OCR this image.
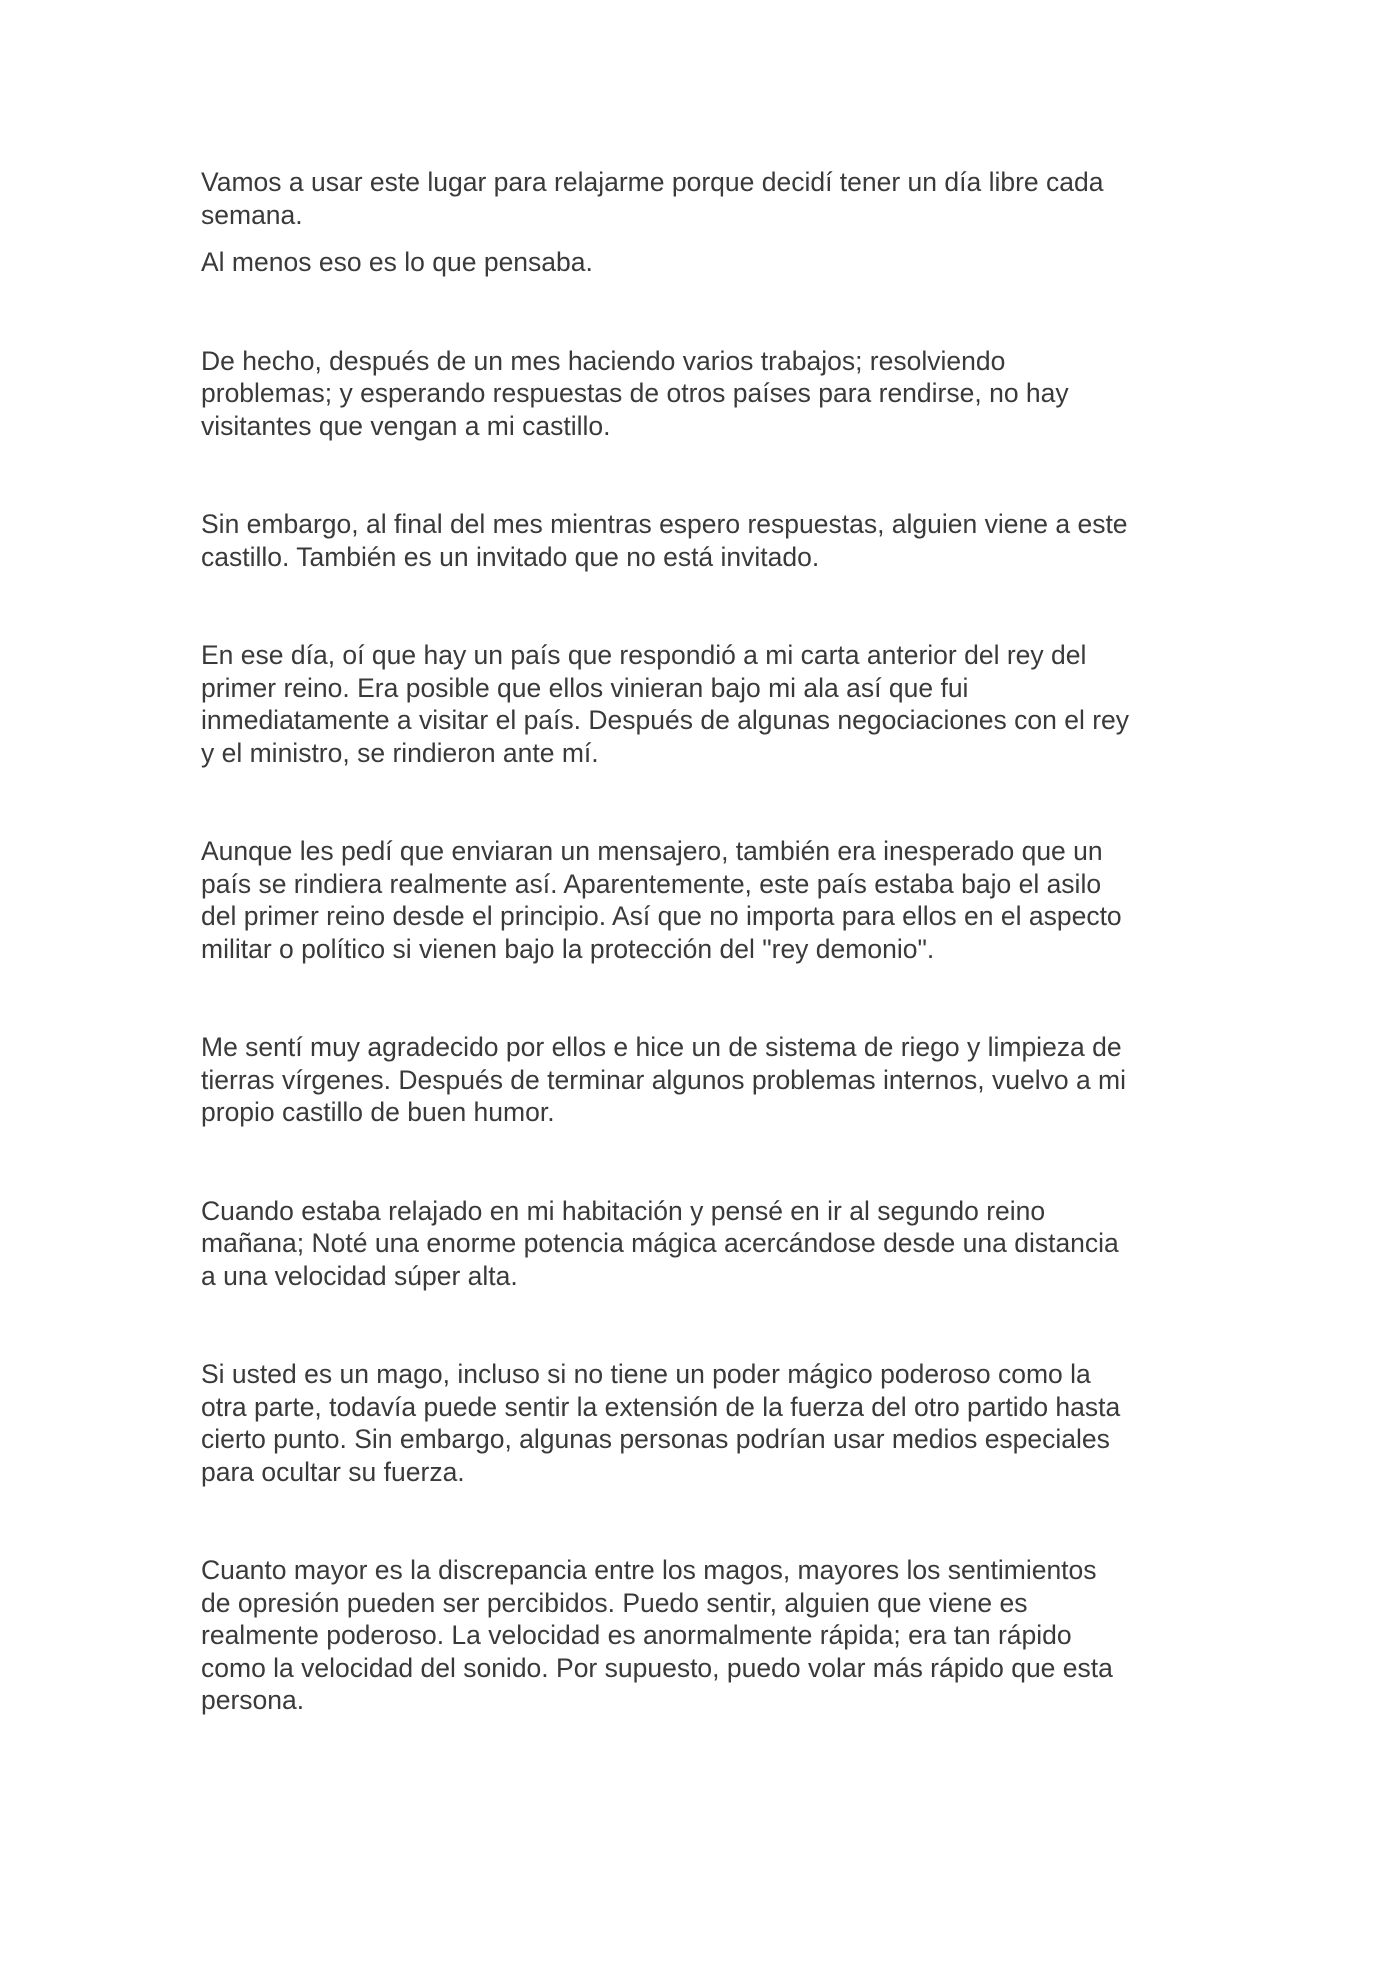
Vamos a usar este lugar para relajarme porque decidí tener un día libre cada
semana.

Al menos eso es lo que pensaba.

De hecho, después de un mes haciendo varios trabajos; resolviendo
problemas; y esperando respuestas de otros países para rendirse, no hay
visitantes que vengan a mi castillo.

Sin embargo, al final del mes mientras espero respuestas, alguien viene a este
castillo. También es un invitado que no está invitado.

En ese día, oí que hay un país que respondió a mi carta anterior del rey del
primer reino. Era posible que ellos vinieran bajo mi ala así que fui
inmediatamente a visitar el país. Después de algunas negociaciones con el rey
y el ministro, se rindieron ante mí.

Aunque les pedí que enviaran un mensajero, también era inesperado que un
país se rindiera realmente así. Aparentemente, este país estaba bajo el asilo
del primer reino desde el principio. Así que no importa para ellos en el aspecto
militar o político si vienen bajo la protección del "rey demonio".

Me sentí muy agradecido por ellos e hice un de sistema de riego y limpieza de
tierras vírgenes. Después de terminar algunos problemas internos, vuelvo a mi
propio castillo de buen humor.

Cuando estaba relajado en mi habitación y pensé en ir al segundo reino
mañana; Noté una enorme potencia mágica acercándose desde una distancia
a una velocidad súper alta.

Si usted es un mago, incluso si no tiene un poder mágico poderoso como la
otra parte, todavía puede sentir la extensión de la fuerza del otro partido hasta
cierto punto. Sin embargo, algunas personas podrían usar medios especiales
para ocultar su fuerza.

Cuanto mayor es la discrepancia entre los magos, mayores los sentimientos
de opresión pueden ser percibidos. Puedo sentir, alguien que viene es
realmente poderoso. La velocidad es anormalmente rápida; era tan rápido
como la velocidad del sonido. Por supuesto, puedo volar más rápido que esta
persona.
